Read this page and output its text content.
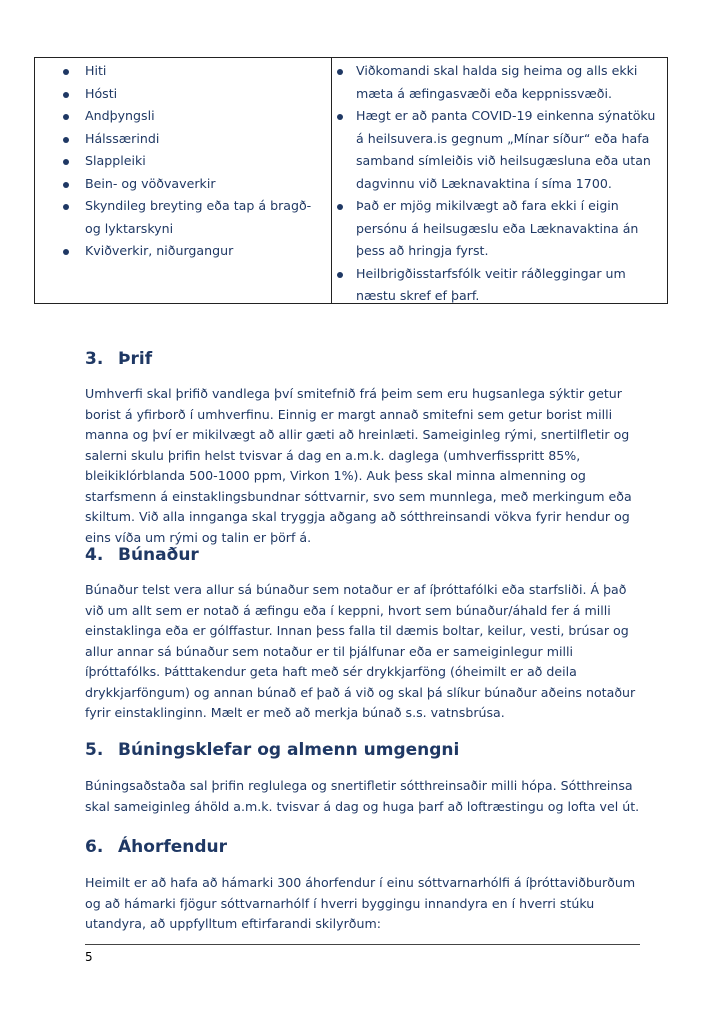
Hiti
Hósti
Andþyngsli
Hálssærindi
Slappleiki
Bein- og vöðvaverkir
Skyndileg breyting eða tap á bragð- og lyktarskyni
Kviðverkir, niðurgangur
Viðkomandi skal halda sig heima og alls ekki mæta á æfingasvæði eða keppnissvæði.
Hægt er að panta COVID-19 einkenna sýnatöku á heilsuvera.is gegnum „Mínar síður“ eða hafa samband símleiðis við heilsugæsluna eða utan dagvinnu við Læknavaktina í síma 1700.
Það er mjög mikilvægt að fara ekki í eigin persónu á heilsugæslu eða Læknavaktina án þess að hringja fyrst.
Heilbrigðisstarfsfólk veitir ráðleggingar um næstu skref ef þarf.
3. Þrif

Umhverfi skal þrifið vandlega því smitefnið frá þeim sem eru hugsanlega sýktir getur borist á yfirborð í umhverfinu. Einnig er margt annað smitefni sem getur borist milli manna og því er mikilvægt að allir gæti að hreinlæti. Sameiginleg rými, snertilfletir og salerni skulu þrifin helst tvisvar á dag en a.m.k. daglega (umhverfisspritt 85%, bleikiklórblanda 500-1000 ppm, Virkon 1%). Auk þess skal minna almenning og starfsmenn á einstaklingsbundnar sóttvarnir, svo sem munnlega, með merkingum eða skiltum. Við alla innganga skal tryggja aðgang að sótthreinsandi vökva fyrir hendur og eins víða um rými og talin er þörf á.

4. Búnaður

Búnaður telst vera allur sá búnaður sem notaður er af íþróttafólki eða starfsliði. Á það við um allt sem er notað á æfingu eða í keppni, hvort sem búnaður/áhald fer á milli einstaklinga eða er gólffastur. Innan þess falla til dæmis boltar, keilur, vesti, brúsar og allur annar sá búnaður sem notaður er til þjálfunar eða er sameiginlegur milli íþróttafólks. Þátttakendur geta haft með sér drykkjarföng (óheimilt er að deila drykkjarföngum) og annan búnað ef það á við og skal þá slíkur búnaður aðeins notaður fyrir einstaklinginn. Mælt er með að merkja búnað s.s. vatnsbrúsa.

5. Búningsklefar og almenn umgengni

Búningsaðstaða sal þrifin reglulega og snertifletir sótthreinsaðir milli hópa. Sótthreinsa skal sameiginleg áhöld a.m.k. tvisvar á dag og huga þarf að loftræstingu og lofta vel út.

6. Áhorfendur

Heimilt er að hafa að hámarki 300 áhorfendur í einu sóttvarnarhólfi á íþróttaviðburðum og að hámarki fjögur sóttvarnarhólf í hverri byggingu innandyra en í hverri stúku utandyra, að uppfylltum eftirfarandi skilyrðum:

5
